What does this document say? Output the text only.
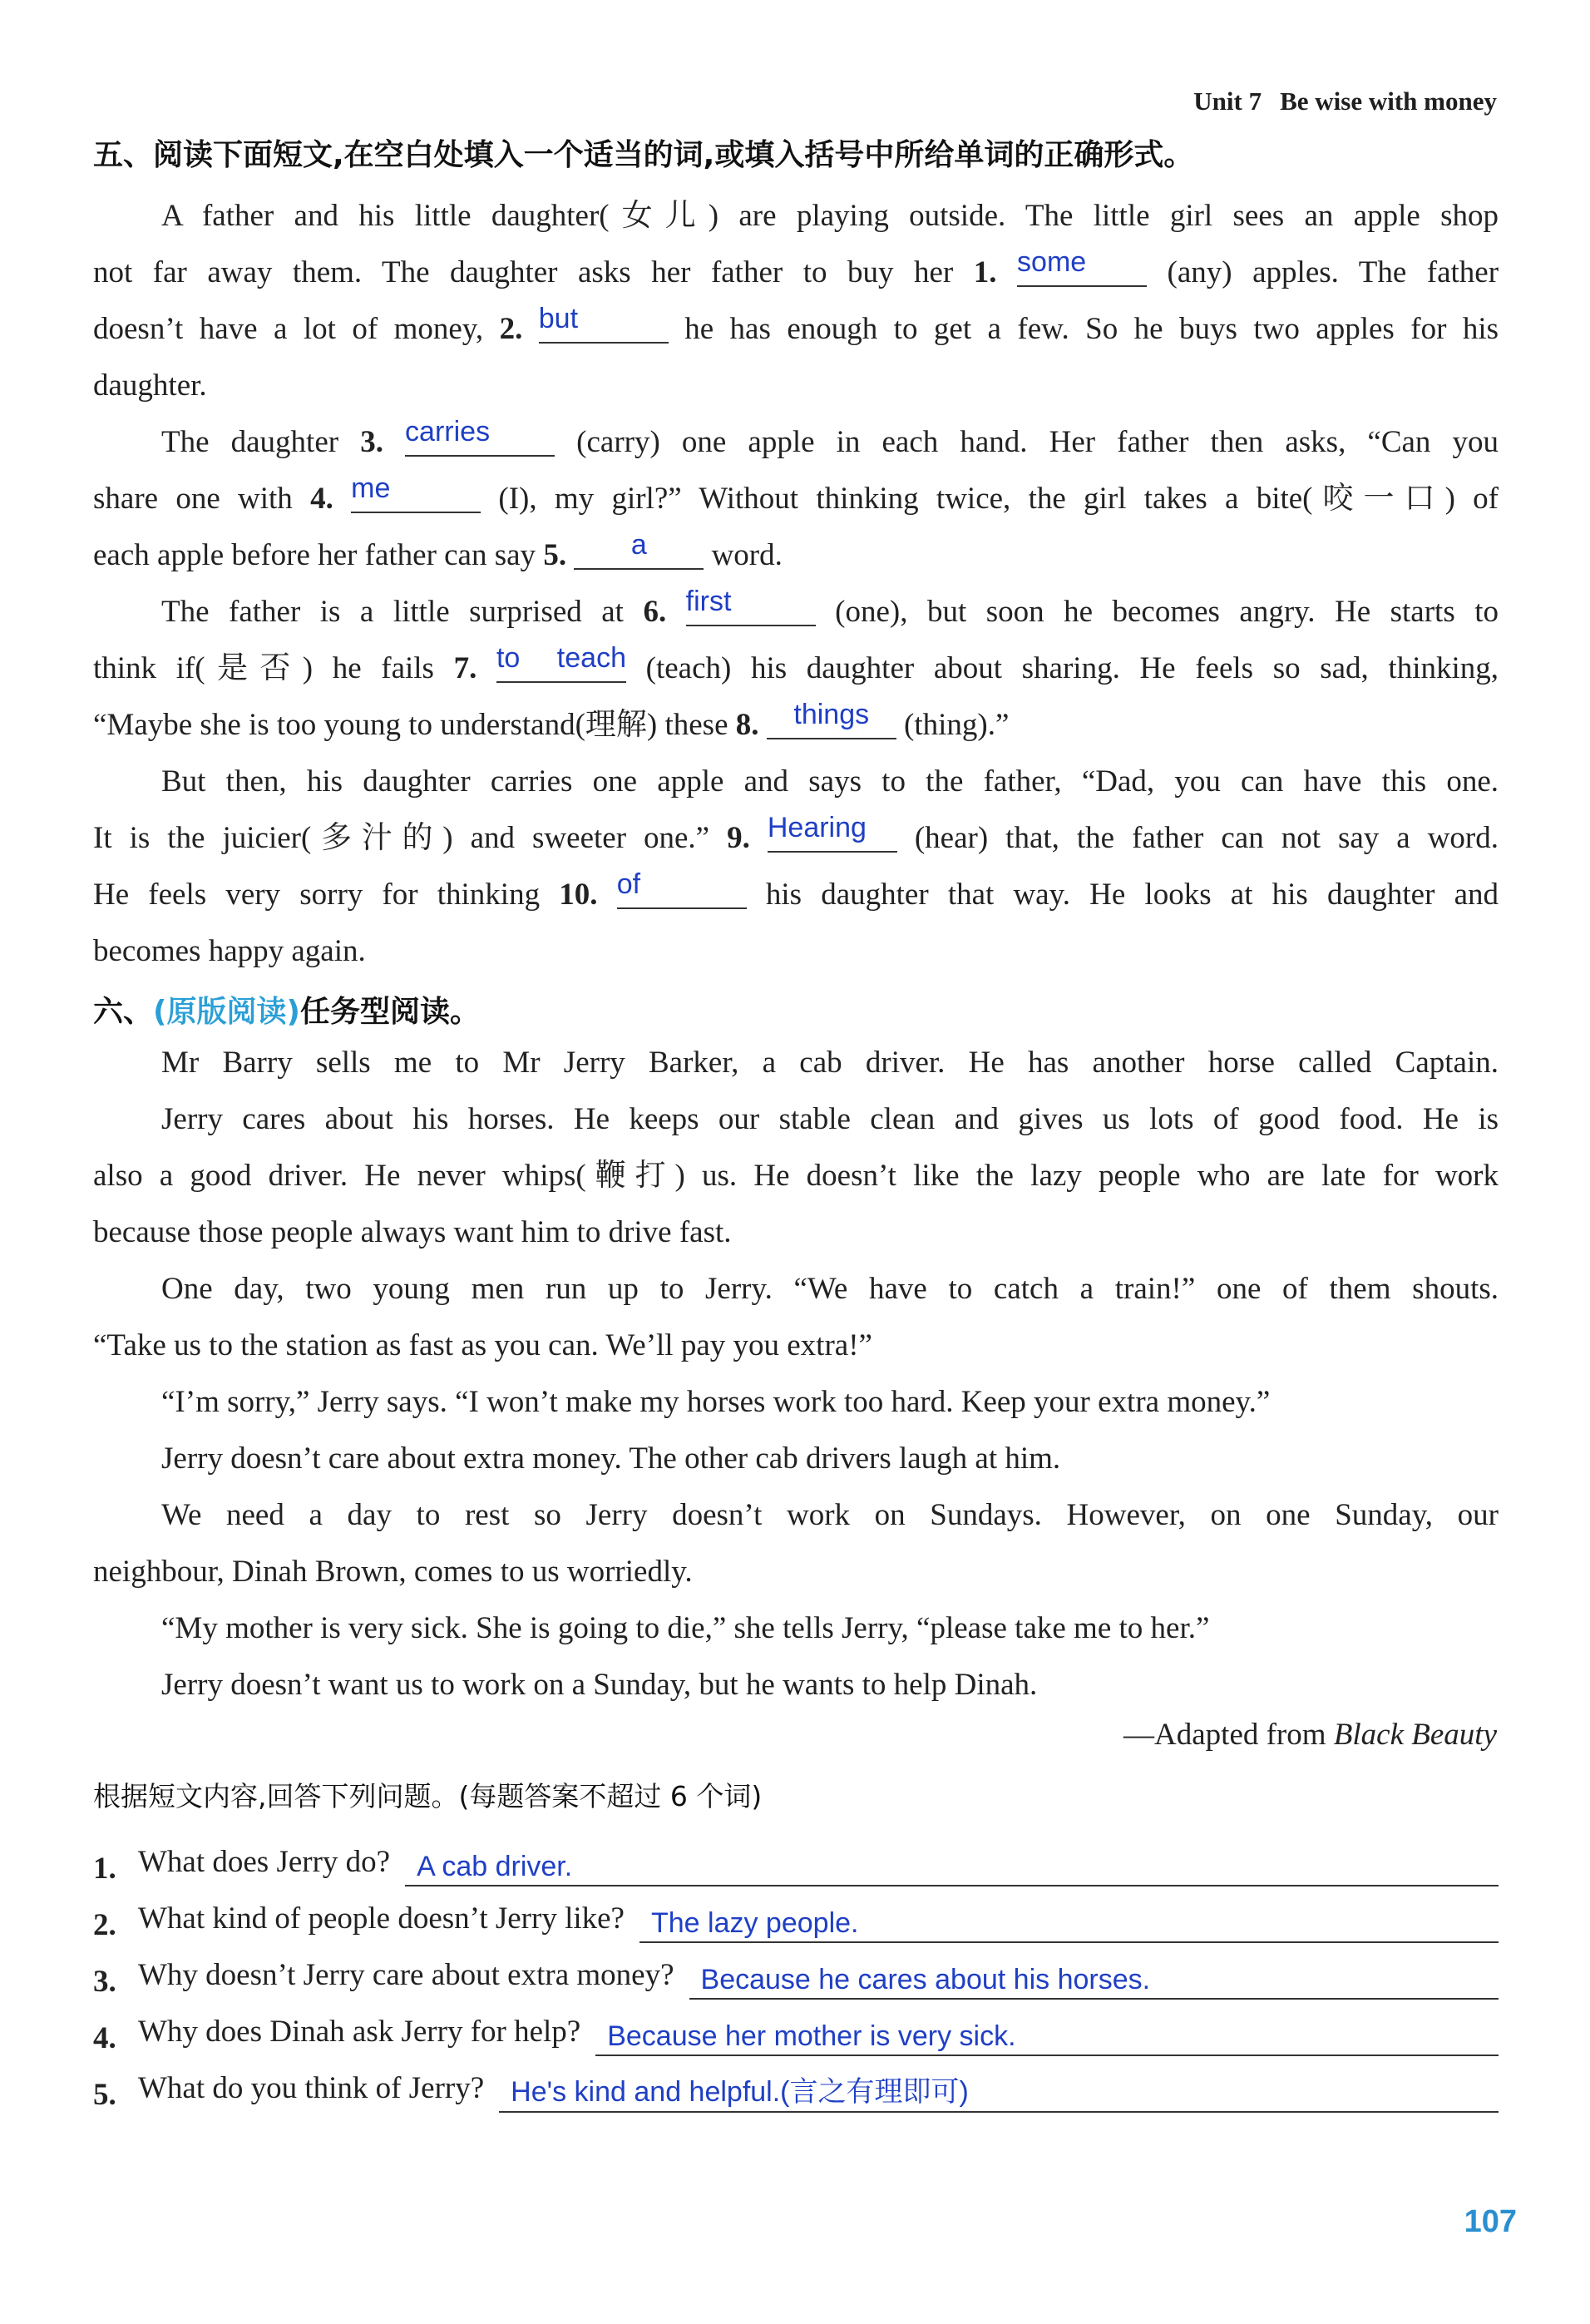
Unit 7 Be wise with money
五、阅读下面短文,在空白处填入一个适当的词,或填入括号中所给单词的正确形式。
A father and his little daughter(女儿) are playing outside. The little girl sees an apple shop
not far away them. The daughter asks her father to buy her 1. some	(any) apples. The father
doesn’t have a lot of money, 2. but	he has enough to get a few. So he buys two apples for his
daughter.
The daughter 3. carries	(carry) one apple in each hand. Her father then asks, “Can you
share one with 4. me	(I), my girl?” Without thinking twice, the girl takes a bite(咬一口) of
each apple before her father can say 5.	a	word.
The father is a little surprised at 6. first	(one), but soon he becomes angry. He starts to
think if(是否) he fails 7. to teach (teach) his daughter about sharing. He feels so sad, thinking,
“Maybe she is too young to understand(理解) these 8.	things	(thing).”
But then, his daughter carries one apple and says to the father, “Dad, you can have this one.
It is the juicier(多汁的) and sweeter one.” 9. Hearing	(hear) that, the father can not say a word.
He feels very sorry for thinking 10. of	his daughter that way. He looks at his daughter and
becomes happy again.
六、(原版阅读)任务型阅读。
Mr Barry sells me to Mr Jerry Barker, a cab driver. He has another horse called Captain.
Jerry cares about his horses. He keeps our stable clean and gives us lots of good food. He is
also a good driver. He never whips(鞭打) us. He doesn’t like the lazy people who are late for work
because those people always want him to drive fast.
One day, two young men run up to Jerry. “We have to catch a train!” one of them shouts.
“Take us to the station as fast as you can. We’ll pay you extra!”
“I’m sorry,” Jerry says. “I won’t make my horses work too hard. Keep your extra money.”
Jerry doesn’t care about extra money. The other cab drivers laugh at him.
We need a day to rest so Jerry doesn’t work on Sundays. However, on one Sunday, our
neighbour, Dinah Brown, comes to us worriedly.
“My mother is very sick. She is going to die,” she tells Jerry, “please take me to her.”
Jerry doesn’t want us to work on a Sunday, but he wants to help Dinah.
—Adapted from Black Beauty
根据短文内容,回答下列问题。(每题答案不超过 6 个词)
1. What does Jerry do? A cab driver.
2. What kind of people doesn’t Jerry like? The lazy people.
3. Why doesn’t Jerry care about extra money? Because he cares about his horses.
4. Why does Dinah ask Jerry for help? Because her mother is very sick.
5. What do you think of Jerry? He's kind and helpful.(言之有理即可)
107
